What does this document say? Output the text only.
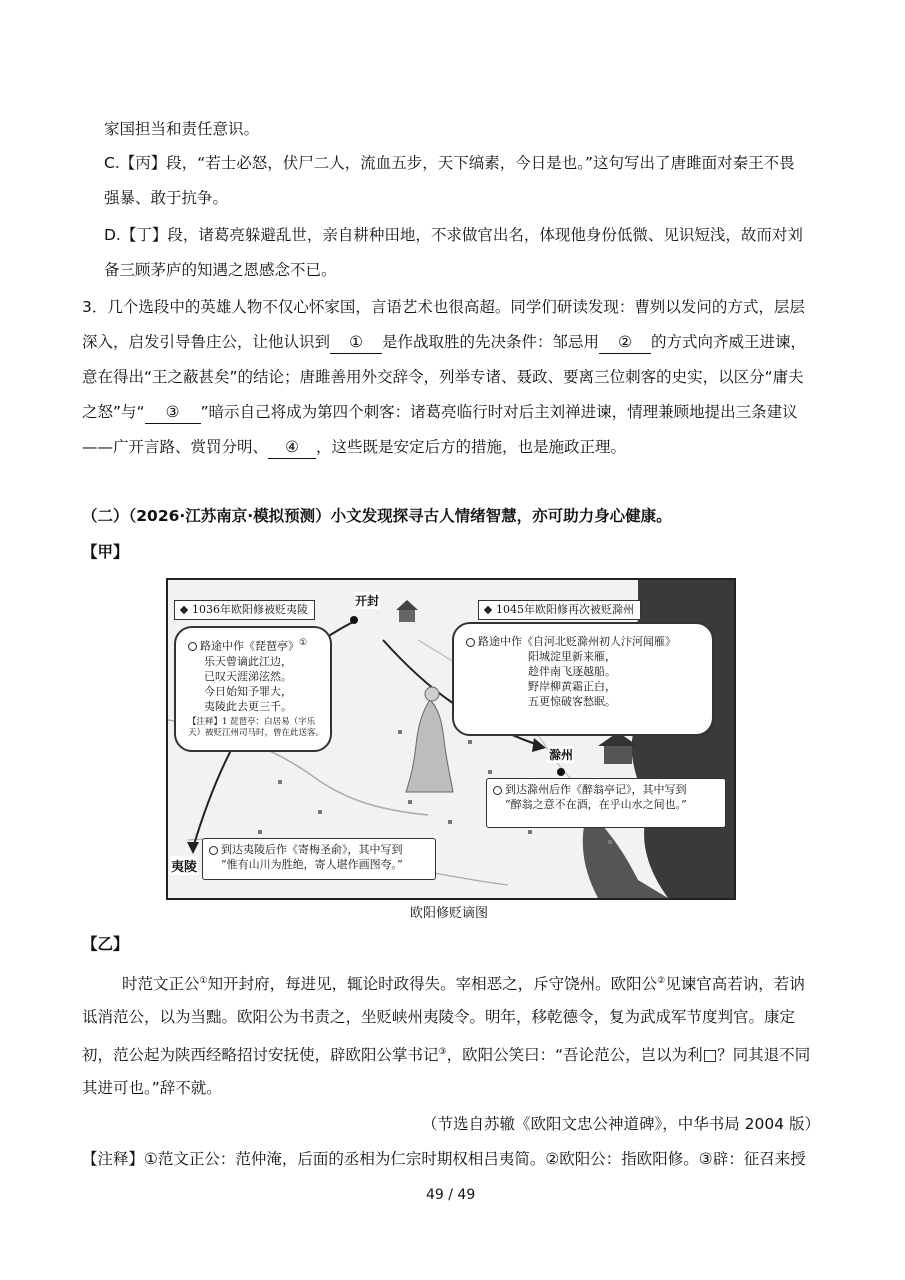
家国担当和责任意识。
C.【丙】段，“若士必怒，伏尸二人，流血五步，天下缟素，今日是也。”这句写出了唐雎面对秦王不畏
强暴、敢于抗争。
D.【丁】段，诸葛亮躲避乱世，亲自耕种田地，不求做官出名，体现他身份低微、见识短浅，故而对刘
备三顾茅庐的知遇之恩感念不已。
3．几个选段中的英雄人物不仅心怀家国，言语艺术也很高超。同学们研读发现：曹刿以发问的方式，层层
深入，启发引导鲁庄公，让他认识到 ① 是作战取胜的先决条件：邹忌用 ② 的方式向齐威王进谏，
意在得出“王之蔽甚矣”的结论；唐雎善用外交辞令，列举专诸、聂政、要离三位刺客的史实，以区分“庸夫
之怒”与“ ③ ”暗示自己将成为第四个刺客：诸葛亮临行时对后主刘禅进谏，情理兼顾地提出三条建议
——广开言路、赏罚分明、 ④ ，这些既是安定后方的措施，也是施政正理。
（二）（2026·江苏南京·模拟预测）小文发现探寻古人情绪智慧，亦可助力身心健康。
【甲】
1036年欧阳修被贬夷陵	1045年欧阳修再次被贬滁州
开封
滁州
夷陵
路途中作《琵琶亭》①
乐天曾谪此江边，
已叹天涯涕泫然。
今日始知予罪大，
夷陵此去更三千。
【注释】1 琵琶亭：白居易（字乐天）被贬江州司马时，曾在此送客。
路途中作《自河北贬滁州初人汴河闻雁》
阳城淀里新来雁，
趁伴南飞逐越船。
野岸柳黄霜正白，
五更惊破客愁眠。
到达滁州后作《醉翁亭记》，其中写到
“醉翁之意不在酒，在乎山水之间也。”
到达夷陵后作《寄梅圣俞》，其中写到
“惟有山川为胜绝，寄人堪作画图夸。”
欧阳修贬谪图
【乙】
时范文正公①知开封府，每进见，辄论时政得失。宰相恶之，斥守饶州。欧阳公②见谏官高若讷，若讷
诋消范公，以为当黜。欧阳公为书责之，坐贬峡州夷陵令。明年，移乾德令，复为武成军节度判官。康定
初，范公起为陕西经略招讨安抚使，辟欧阳公掌书记③，欧阳公笑曰：“吾论范公，岂以为利□？同其退不同
其进可也。”辞不就。
（节选自苏辙《欧阳文忠公神道碑》，中华书局 2004 版）
【注释】①范文正公：范仲淹，后面的丞相为仁宗时期权相吕夷简。②欧阳公：指欧阳修。③辟：征召来授
49 / 49
